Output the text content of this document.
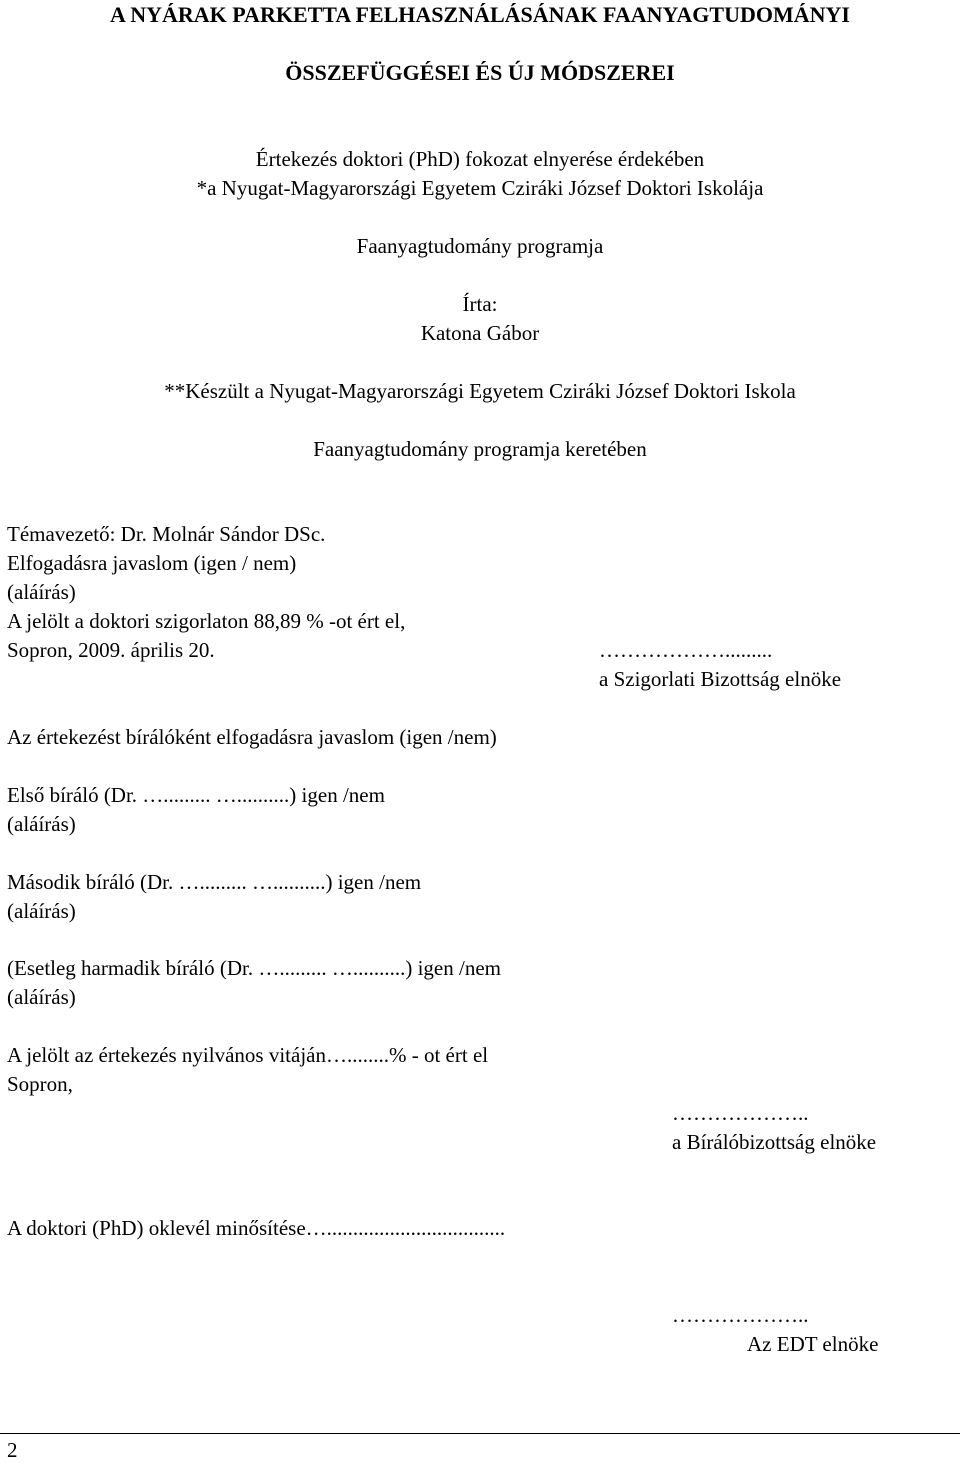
A NYÁRAK PARKETTA FELHASZNÁLÁSÁNAK FAANYAGTUDOMÁNYI
ÖSSZEFÜGGÉSEI ÉS ÚJ MÓDSZEREI
Értekezés doktori (PhD) fokozat elnyerése érdekében
*a Nyugat-Magyarországi Egyetem Cziráki József Doktori Iskolája
Faanyagtudomány programja
Írta:
Katona Gábor
**Készült a Nyugat-Magyarországi Egyetem Cziráki József Doktori Iskola
Faanyagtudomány programja keretében
Témavezető: Dr. Molnár Sándor DSc.
Elfogadásra javaslom (igen / nem)
(aláírás)
A jelölt a doktori szigorlaton 88,89 % -ot ért el,
Sopron, 2009. április 20.	……………….........
a Szigorlati Bizottság elnöke
Az értekezést bírálóként elfogadásra javaslom (igen /nem)
Első bíráló (Dr. …......... …..........) igen /nem
(aláírás)
Második bíráló (Dr. …......... …..........) igen /nem
(aláírás)
(Esetleg harmadik bíráló (Dr. …......... …..........) igen /nem
(aláírás)
A jelölt az értekezés nyilvános vitáján…........% - ot ért el
Sopron,
………………..
a Bírálóbizottság elnöke
A doktori (PhD) oklevél minősítése…..................................
………………..
Az EDT elnöke
2
